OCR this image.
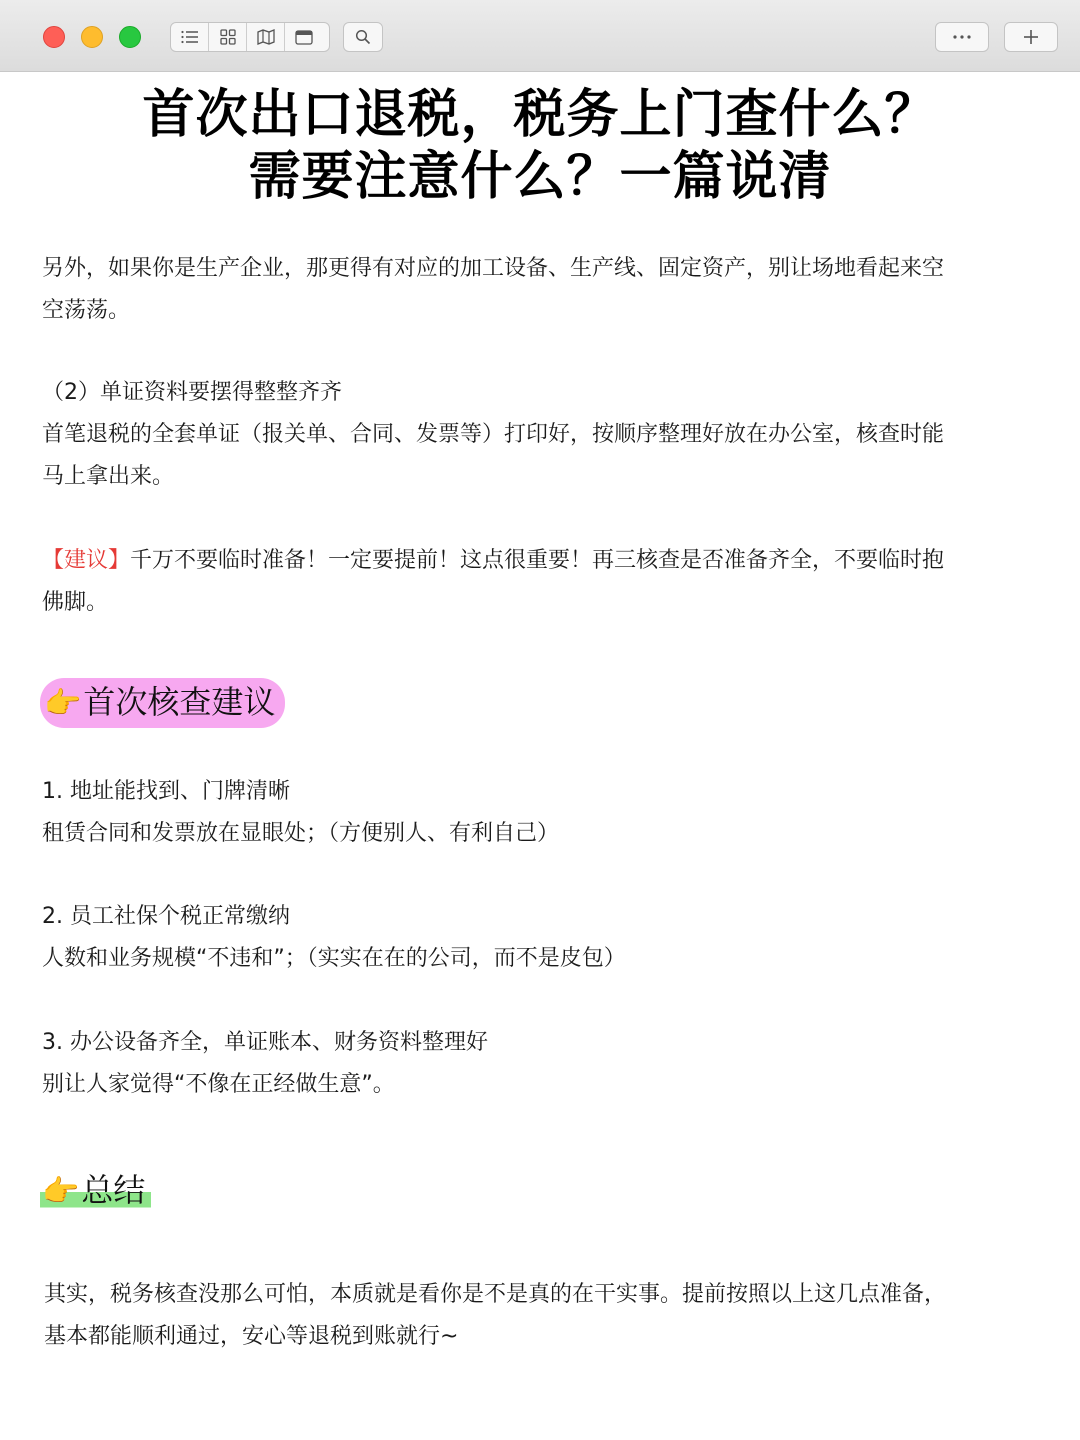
首次出口退税，税务上门查什么？
需要注意什么？一篇说清
另外，如果你是生产企业，那更得有对应的加工设备、生产线、固定资产，别让场地看起来空
空荡荡。
（2）单证资料要摆得整整齐齐
首笔退税的全套单证（报关单、合同、发票等）打印好，按顺序整理好放在办公室，核查时能
马上拿出来。
【建议】千万不要临时准备！一定要提前！这点很重要！再三核查是否准备齐全，不要临时抱
佛脚。
👉首次核查建议
1. 地址能找到、门牌清晰
租赁合同和发票放在显眼处；（方便别人、有利自己）
2. 员工社保个税正常缴纳
人数和业务规模“不违和”；（实实在在的公司，而不是皮包）
3. 办公设备齐全，单证账本、财务资料整理好
别让人家觉得“不像在正经做生意”。
👉总结
其实，税务核查没那么可怕，本质就是看你是不是真的在干实事。提前按照以上这几点准备，
基本都能顺利通过，安心等退税到账就行~
